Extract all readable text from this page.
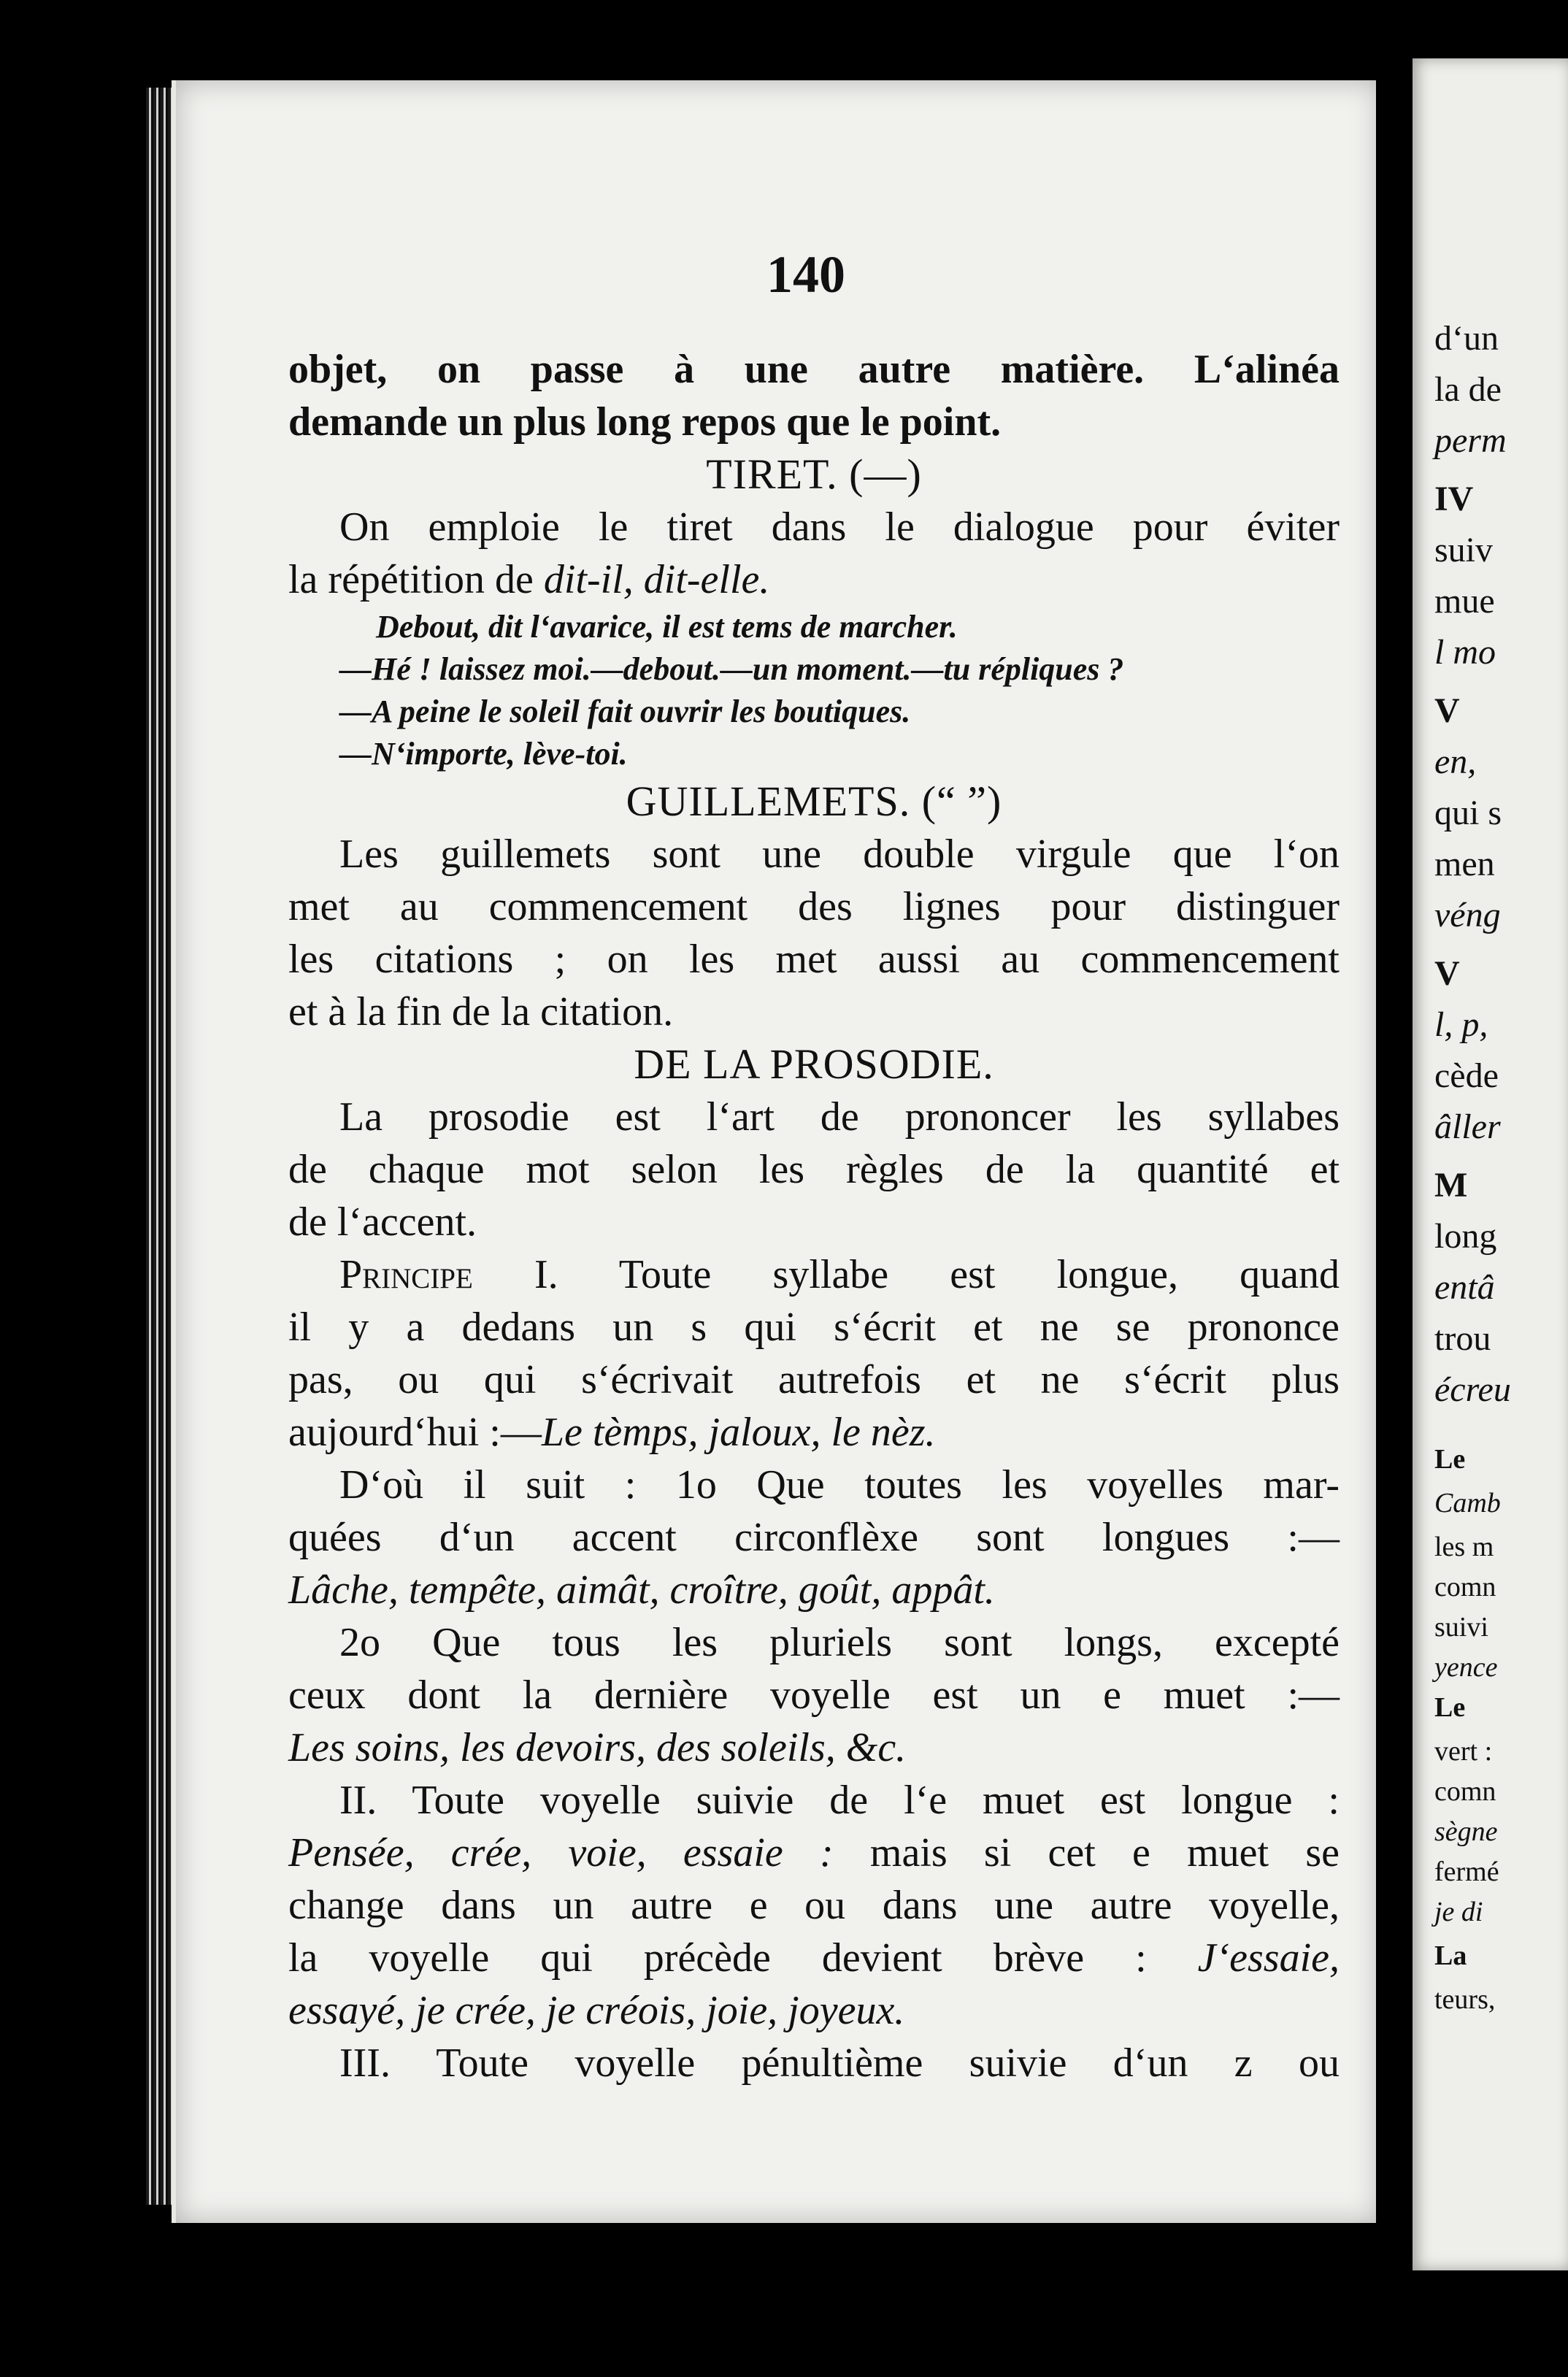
d‘un
la de
perm
IV
suiv
mue
l mo
V
en,
qui s
men
véng
V
l, p,
cède
âller
M
long
entâ
trou
écreu
Le
Camb
les m
comn
suivi
yence
Le
vert :
comn
sègne
fermé
je di
La
teurs,
140
objet, on passe à une autre matière. L‘alinéa
demande un plus long repos que le point.
TIRET. (—)
On emploie le tiret dans le dialogue pour éviter
la répétition de dit-il, dit-elle.
Debout, dit l‘avarice, il est tems de marcher.
—Hé ! laissez moi.—debout.—un moment.—tu répliques ?
—A peine le soleil fait ouvrir les boutiques.
—N‘importe, lève-toi.
GUILLEMETS. (“ ”)
Les guillemets sont une double virgule que l‘on
met au commencement des lignes pour distinguer
les citations ; on les met aussi au commencement
et à la fin de la citation.
DE LA PROSODIE.
La prosodie est l‘art de prononcer les syllabes
de chaque mot selon les règles de la quantité et
de l‘accent.
Principe I. Toute syllabe est longue, quand
il y a dedans un s qui s‘écrit et ne se prononce
pas, ou qui s‘écrivait autrefois et ne s‘écrit plus
aujourd‘hui :—Le tèmps, jaloux, le nèz.
D‘où il suit : 1o Que toutes les voyelles mar-
quées d‘un accent circonflèxe sont longues :—
Lâche, tempête, aimât, croître, goût, appât.
2o Que tous les pluriels sont longs, excepté
ceux dont la dernière voyelle est un e muet :—
Les soins, les devoirs, des soleils, &c.
II. Toute voyelle suivie de l‘e muet est longue :
Pensée, crée, voie, essaie : mais si cet e muet se
change dans un autre e ou dans une autre voyelle,
la voyelle qui précède devient brève : J‘essaie,
essayé, je crée, je créois, joie, joyeux.
III. Toute voyelle pénultième suivie d‘un z ou
